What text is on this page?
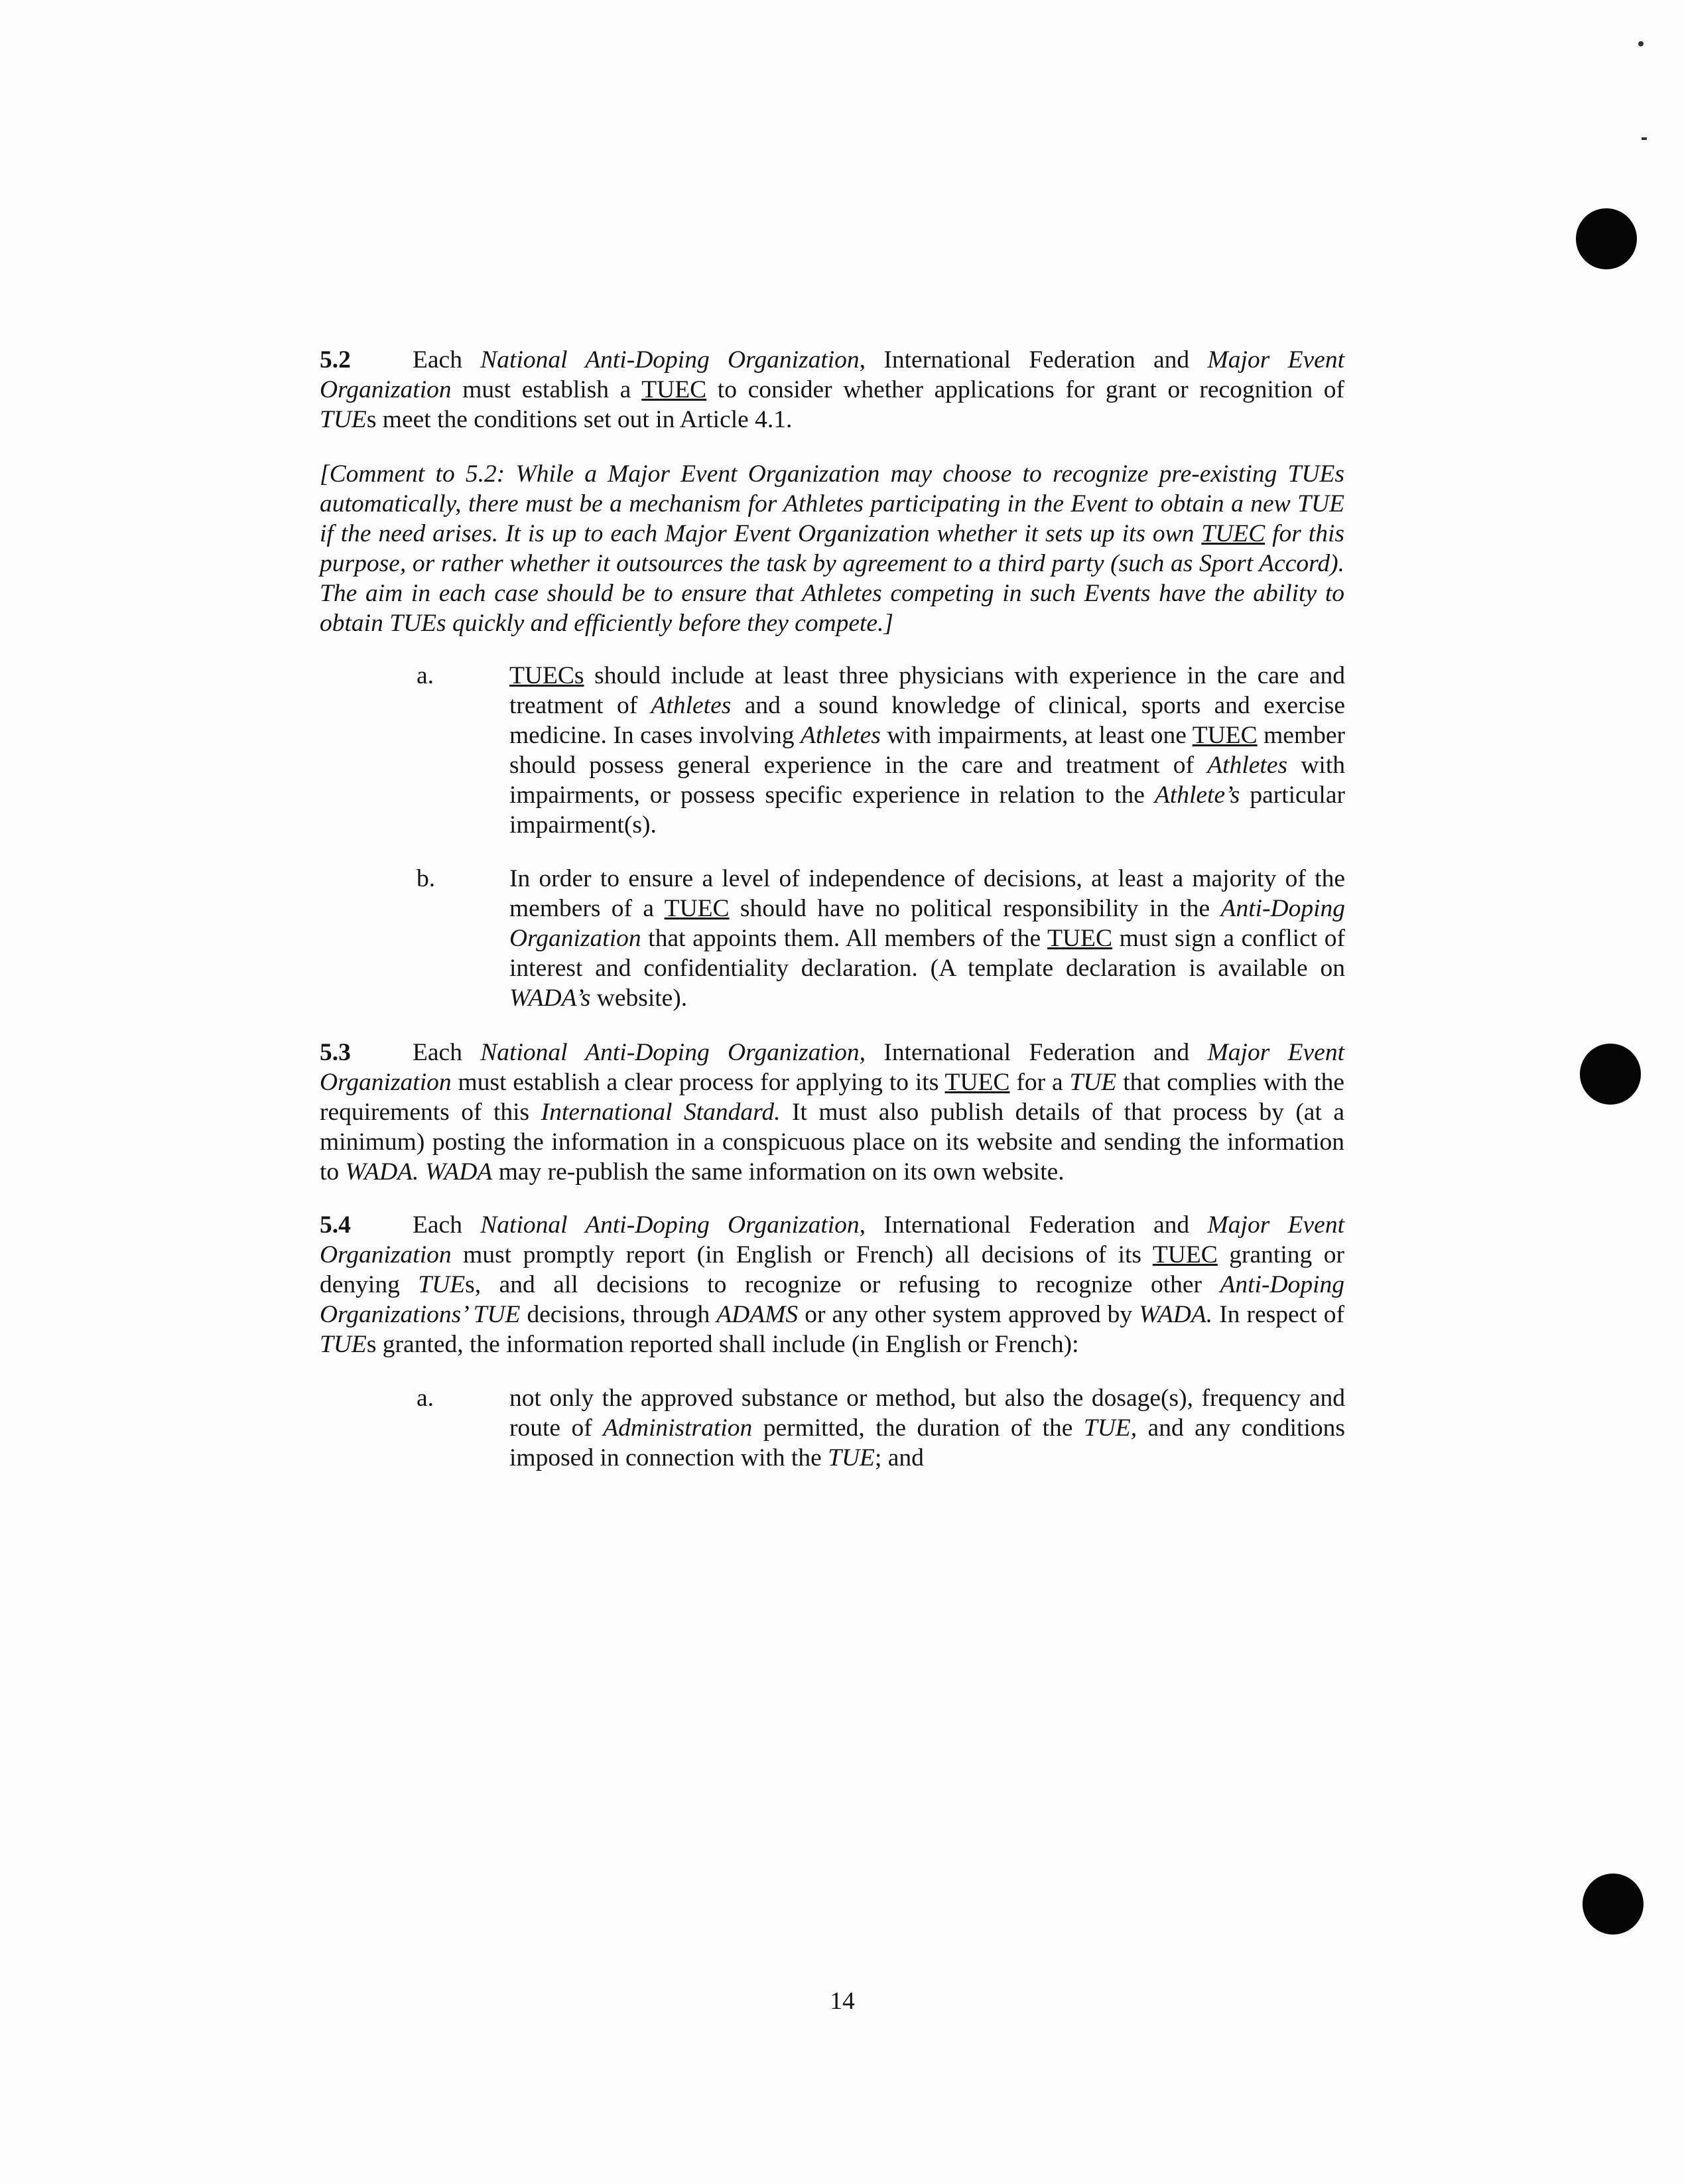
5.2 Each National Anti-Doping Organization, International Federation and Major Event Organization must establish a TUEC to consider whether applications for grant or recognition of TUEs meet the conditions set out in Article 4.1.
[Comment to 5.2: While a Major Event Organization may choose to recognize pre-existing TUEs automatically, there must be a mechanism for Athletes participating in the Event to obtain a new TUE if the need arises. It is up to each Major Event Organization whether it sets up its own TUEC for this purpose, or rather whether it outsources the task by agreement to a third party (such as Sport Accord). The aim in each case should be to ensure that Athletes competing in such Events have the ability to obtain TUEs quickly and efficiently before they compete.]
a.	TUECs should include at least three physicians with experience in the care and treatment of Athletes and a sound knowledge of clinical, sports and exercise medicine. In cases involving Athletes with impairments, at least one TUEC member should possess general experience in the care and treatment of Athletes with impairments, or possess specific experience in relation to the Athlete’s particular impairment(s).
b.	In order to ensure a level of independence of decisions, at least a majority of the members of a TUEC should have no political responsibility in the Anti-Doping Organization that appoints them. All members of the TUEC must sign a conflict of interest and confidentiality declaration. (A template declaration is available on WADA’s website).
5.3 Each National Anti-Doping Organization, International Federation and Major Event Organization must establish a clear process for applying to its TUEC for a TUE that complies with the requirements of this International Standard. It must also publish details of that process by (at a minimum) posting the information in a conspicuous place on its website and sending the information to WADA. WADA may re-publish the same information on its own website.
5.4 Each National Anti-Doping Organization, International Federation and Major Event Organization must promptly report (in English or French) all decisions of its TUEC granting or denying TUEs, and all decisions to recognize or refusing to recognize other Anti-Doping Organizations’ TUE decisions, through ADAMS or any other system approved by WADA. In respect of TUEs granted, the information reported shall include (in English or French):
a.	not only the approved substance or method, but also the dosage(s), frequency and route of Administration permitted, the duration of the TUE, and any conditions imposed in connection with the TUE; and
14
